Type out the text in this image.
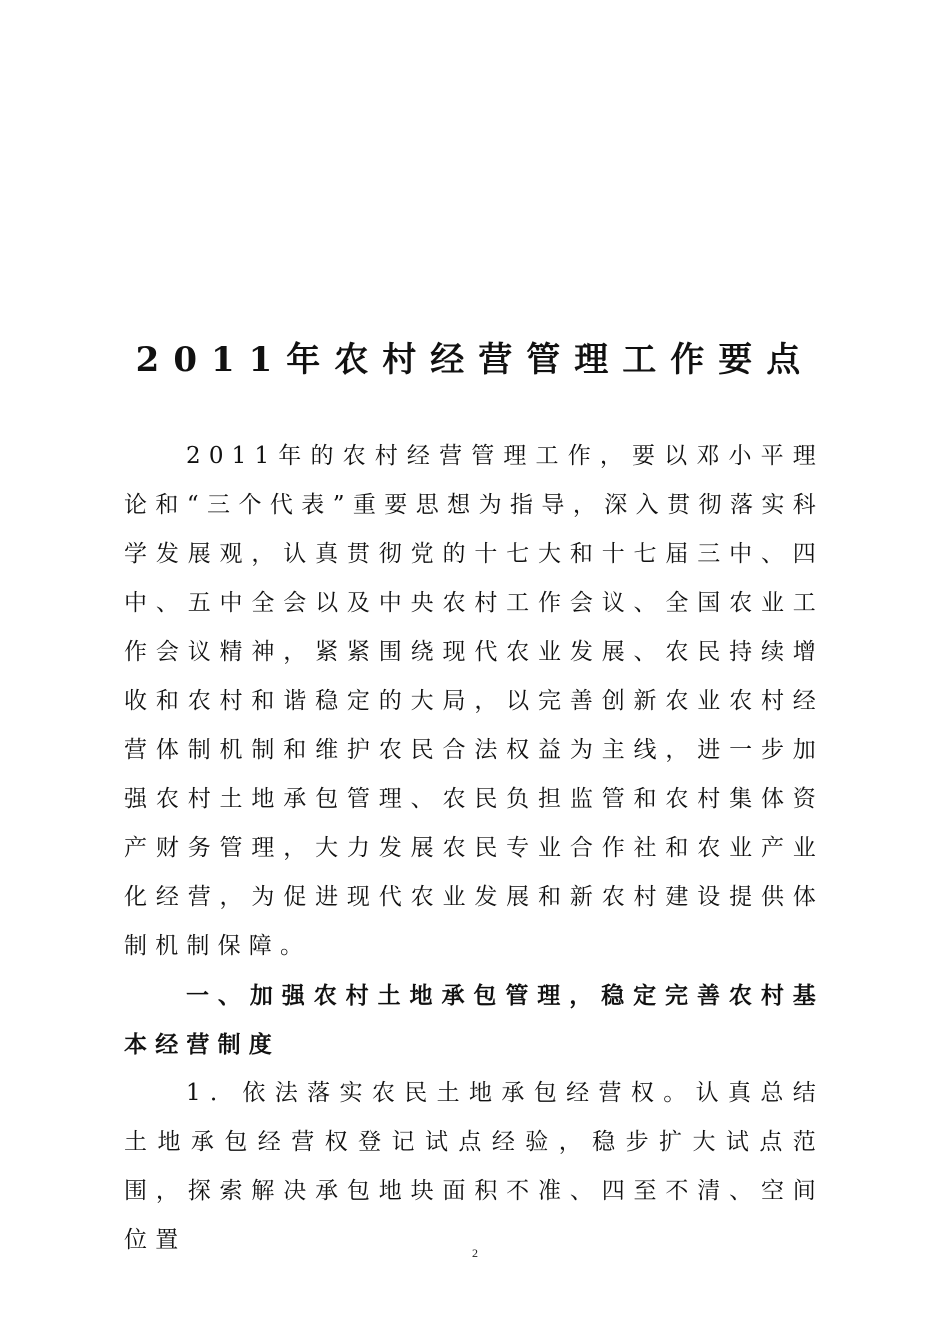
2011年农村经营管理工作要点

2011年的农村经营管理工作，要以邓小平理论和“三个代表”重要思想为指导，深入贯彻落实科学发展观，认真贯彻党的十七大和十七届三中、四中、五中全会以及中央农村工作会议、全国农业工作会议精神，紧紧围绕现代农业发展、农民持续增收和农村和谐稳定的大局，以完善创新农业农村经营体制机制和维护农民合法权益为主线，进一步加强农村土地承包管理、农民负担监管和农村集体资产财务管理，大力发展农民专业合作社和农业产业化经营，为促进现代农业发展和新农村建设提供体制机制保障。

一、加强农村土地承包管理，稳定完善农村基本经营制度

1．依法落实农民土地承包经营权。认真总结土地承包经营权登记试点经验，稳步扩大试点范围，探索解决承包地块面积不准、四至不清、空间位置	2
